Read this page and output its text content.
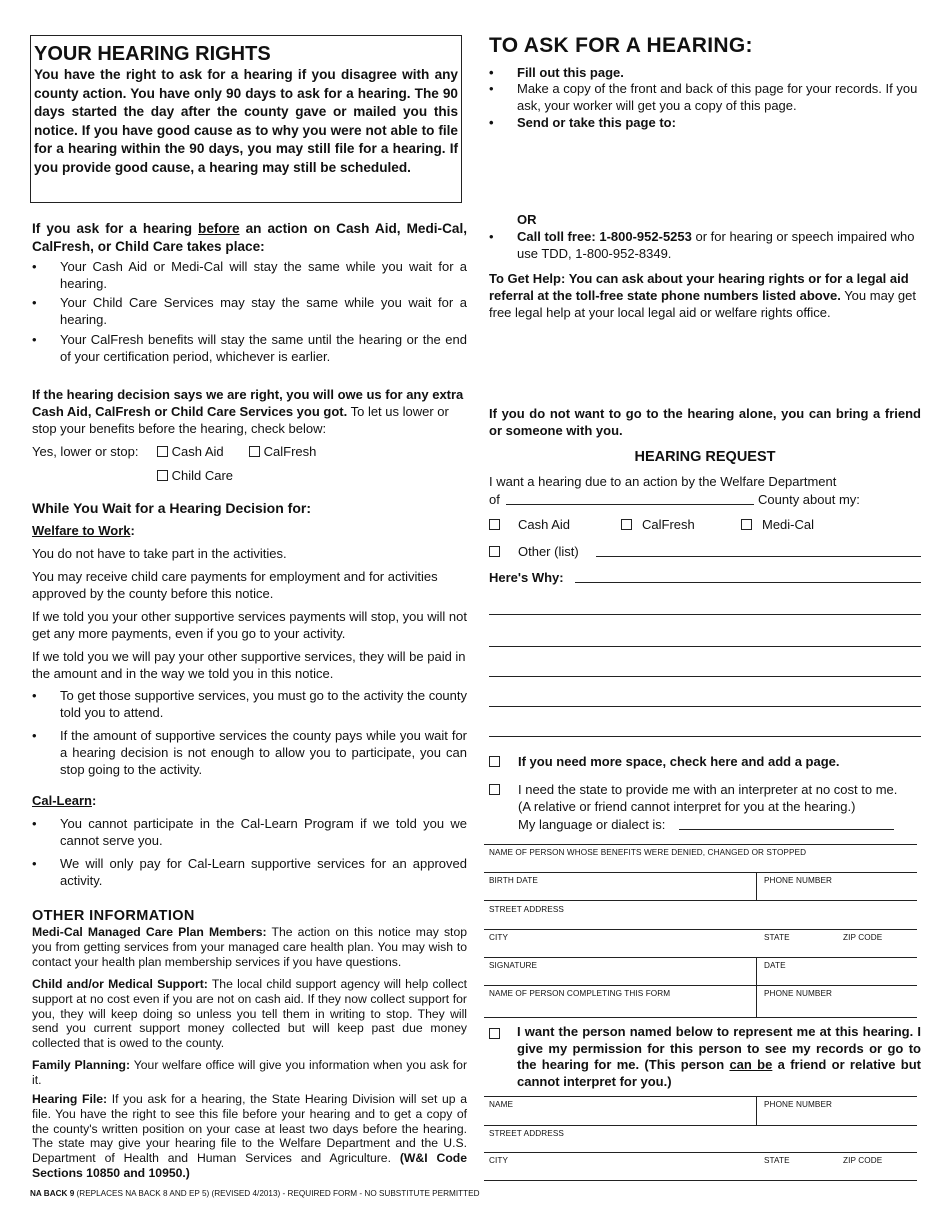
YOUR HEARING RIGHTS

You have the right to ask for a hearing if you disagree with any county action. You have only 90 days to ask for a hearing. The 90 days started the day after the county gave or mailed you this notice. If you have good cause as to why you were not able to file for a hearing within the 90 days, you may still file for a hearing. If you provide good cause, a hearing may still be scheduled.

If you ask for a hearing before an action on Cash Aid, Medi-Cal, CalFresh, or Child Care takes place:

• Your Cash Aid or Medi-Cal will stay the same while you wait for a hearing.
• Your Child Care Services may stay the same while you wait for a hearing.
• Your CalFresh benefits will stay the same until the hearing or the end of your certification period, whichever is earlier.

If the hearing decision says we are right, you will owe us for any extra Cash Aid, CalFresh or Child Care Services you got. To let us lower or stop your benefits before the hearing, check below:

Yes, lower or stop:	Cash Aid	CalFresh
Child Care

While You Wait for a Hearing Decision for:

Welfare to Work:

You do not have to take part in the activities.

You may receive child care payments for employment and for activities approved by the county before this notice.

If we told you your other supportive services payments will stop, you will not get any more payments, even if you go to your activity.

If we told you we will pay your other supportive services, they will be paid in the amount and in the way we told you in this notice.

• To get those supportive services, you must go to the activity the county told you to attend.
• If the amount of supportive services the county pays while you wait for a hearing decision is not enough to allow you to participate, you can stop going to the activity.

Cal-Learn:

• You cannot participate in the Cal-Learn Program if we told you we cannot serve you.
• We will only pay for Cal-Learn supportive services for an approved activity.

OTHER INFORMATION

Medi-Cal Managed Care Plan Members: The action on this notice may stop you from getting services from your managed care health plan. You may wish to contact your health plan membership services if you have questions.

Child and/or Medical Support: The local child support agency will help collect support at no cost even if you are not on cash aid. If they now collect support for you, they will keep doing so unless you tell them in writing to stop. They will send you current support money collected but will keep past due money collected that is owed to the county.

Family Planning: Your welfare office will give you information when you ask for it.

Hearing File: If you ask for a hearing, the State Hearing Division will set up a file. You have the right to see this file before your hearing and to get a copy of the county's written position on your case at least two days before the hearing. The state may give your hearing file to the Welfare Department and the U.S. Department of Health and Human Services and Agriculture. (W&I Code Sections 10850 and 10950.)

NA BACK 9 (REPLACES NA BACK 8 AND EP 5) (REVISED 4/2013) - REQUIRED FORM - NO SUBSTITUTE PERMITTED

TO ASK FOR A HEARING:
• Fill out this page.
• Make a copy of the front and back of this page for your records. If you ask, your worker will get you a copy of this page.
• Send or take this page to:

OR

• Call toll free: 1-800-952-5253 or for hearing or speech impaired who use TDD, 1-800-952-8349.

To Get Help: You can ask about your hearing rights or for a legal aid referral at the toll-free state phone numbers listed above. You may get free legal help at your local legal aid or welfare rights office.

If you do not want to go to the hearing alone, you can bring a friend or someone with you.

HEARING REQUEST

I want a hearing due to an action by the Welfare Department

of	County about my:
Cash Aid	CalFresh	Medi-Cal
Other (list)
Here's Why:
If you need more space, check here and add a page.
I need the state to provide me with an interpreter at no cost to me.
(A relative or friend cannot interpret for you at the hearing.)
My language or dialect is:
NAME OF PERSON WHOSE BENEFITS WERE DENIED, CHANGED OR STOPPED
BIRTH DATE	PHONE NUMBER
STREET ADDRESS
CITY	STATE	ZIP CODE
SIGNATURE	DATE
NAME OF PERSON COMPLETING THIS FORM	PHONE NUMBER

I want the person named below to represent me at this hearing. I give my permission for this person to see my records or go to the hearing for me. (This person can be a friend or relative but cannot interpret for you.)

NAME	PHONE NUMBER
STREET ADDRESS
CITY	STATE	ZIP CODE
